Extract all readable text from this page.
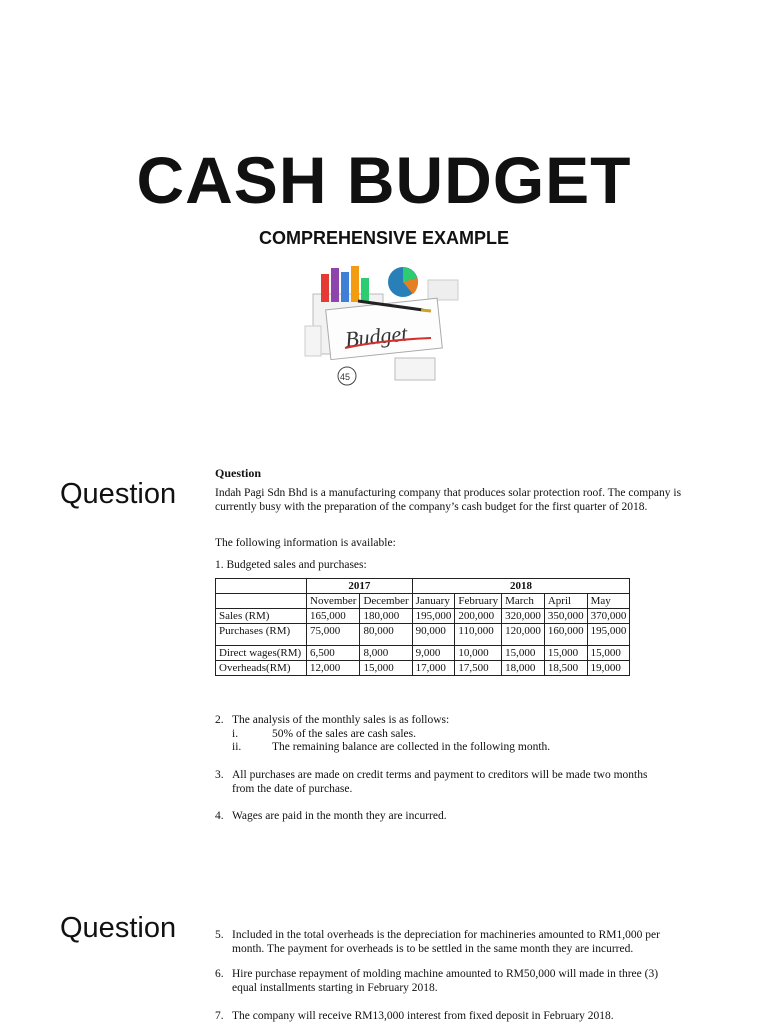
CASH BUDGET
COMPREHENSIVE EXAMPLE
Budget
45
Question
Question
Indah Pagi Sdn Bhd is a manufacturing company that produces solar protection roof. The company is currently busy with the preparation of the company’s cash budget for the first quarter of 2018.
The following information is available:
1. Budgeted sales and purchases:
	2017		2018				
	November	December	January	February	March	April	May
Sales (RM)	165,000	180,000	195,000	200,000	320,000	350,000	370,000
Purchases (RM)	75,000	80,000	90,000	110,000	120,000	160,000	195,000
Direct wages(RM)	6,500	8,000	9,000	10,000	15,000	15,000	15,000
Overheads(RM)	12,000	15,000	17,000	17,500	18,000	18,500	19,000
2. The analysis of the monthly sales is as follows:
i.	50% of the sales are cash sales.
ii.	The remaining balance are collected in the following month.
3. All purchases are made on credit terms and payment to creditors will be made two months from the date of purchase.
4. Wages are paid in the month they are incurred.
Question	5. Included in the total overheads is the depreciation for machineries amounted to RM1,000 per month. The payment for overheads is to be settled in the same month they are incurred.
6. Hire purchase repayment of molding machine amounted to RM50,000 will made in three (3) equal installments starting in February 2018.
7. The company will receive RM13,000 interest from fixed deposit in February 2018.
